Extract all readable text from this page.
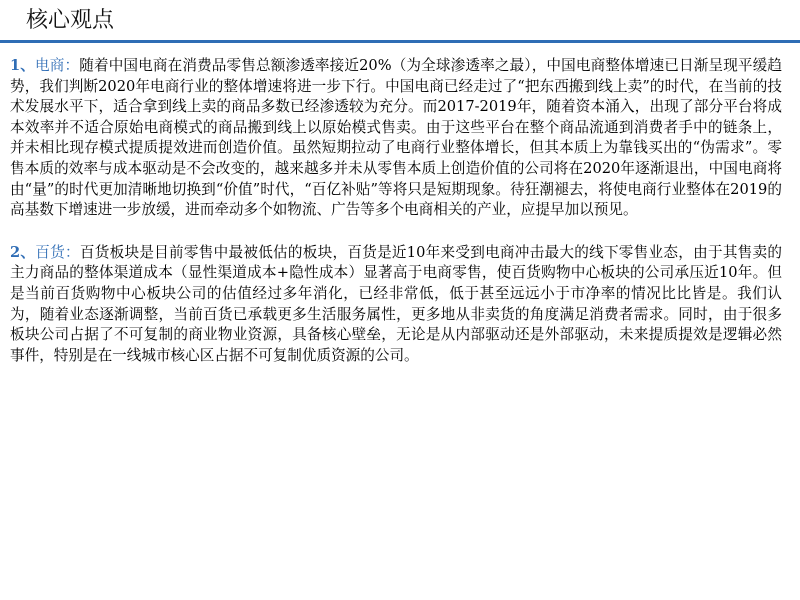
核心观点

1、电商：随着中国电商在消费品零售总额渗透率接近20%（为全球渗透率之最），中国电商整体增速已日渐呈现平缓趋势，我们判断2020年电商行业的整体增速将进一步下行。中国电商已经走过了“把东西搬到线上卖”的时代，在当前的技术发展水平下，适合拿到线上卖的商品多数已经渗透较为充分。而2017-2019年，随着资本涌入，出现了部分平台将成本效率并不适合原始电商模式的商品搬到线上以原始模式售卖。由于这些平台在整个商品流通到消费者手中的链条上，并未相比现存模式提质提效进而创造价值。虽然短期拉动了电商行业整体增长，但其本质上为靠钱买出的“伪需求”。零售本质的效率与成本驱动是不会改变的，越来越多并未从零售本质上创造价值的公司将在2020年逐渐退出，中国电商将由“量”的时代更加清晰地切换到“价值”时代，“百亿补贴”等将只是短期现象。待狂潮褪去，将使电商行业整体在2019的高基数下增速进一步放缓，进而牵动多个如物流、广告等多个电商相关的产业，应提早加以预见。

2、百货：百货板块是目前零售中最被低估的板块，百货是近10年来受到电商冲击最大的线下零售业态，由于其售卖的主力商品的整体渠道成本（显性渠道成本+隐性成本）显著高于电商零售，使百货购物中心板块的公司承压近10年。但是当前百货购物中心板块公司的估值经过多年消化，已经非常低，低于甚至远远小于市净率的情况比比皆是。我们认为，随着业态逐渐调整，当前百货已承载更多生活服务属性，更多地从非卖货的角度满足消费者需求。同时，由于很多板块公司占据了不可复制的商业物业资源，具备核心壁垒，无论是从内部驱动还是外部驱动，未来提质提效是逻辑必然事件，特别是在一线城市核心区占据不可复制优质资源的公司。
